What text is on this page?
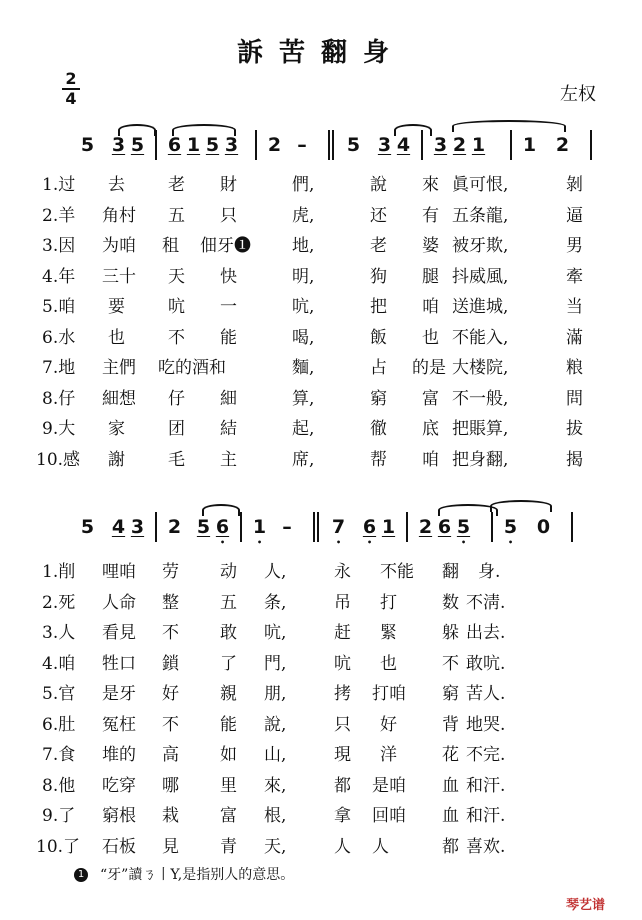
訴苦翻身
左权
2
4
5 3 5 6 1 5 3 2 –	5 3 4 3 2 1 1 2
1.过 去	老 財	們,	說 來 眞可恨,	剝
2.羊 角村 五 只	虎,	还 有 五条龍,	逼
3.因 为咱 租 佃牙❶ 地,	老 婆 被牙欺,	男
4.年 三十 天 快	明,	狗 腿 抖威風,	牽
5.咱 要	吭 一	吭,	把 咱 送進城,	当
6.水 也	不 能	喝,	飯 也 不能入,	滿
7.地 主們 吃的酒和	麵,	占 的是 大楼院,	粮
8.仔 細想 仔 細	算,	窮 富 不一般,	問
9.大 家	团 結	起,	徹 底 把賬算,	拔
10.感 謝	毛 主	席,	帮 咱 把身翻,	揭
5 4 3 2 5 6 • 1 • –	7 • 6 • 1 2 6 5 • 5 • 0
1.削 哩咱 劳 动 人,	永 不能 翻 身.
2.死 人命 整 五 条,	吊 打	数 不淸.
3.人 看見 不 敢 吭,	赶 緊	躲 出去.
4.咱 牲口 鎖 了 門,	吭 也	不 敢吭.
5.官 是牙 好 親 朋,	拷 打咱 窮 苦人.
6.肚 冤枉 不 能 說,	只 好	背 地哭.
7.食 堆的 高 如 山,	現 洋	花 不完.
8.他 吃穿 哪 里 來,	都 是咱 血 和汗.
9.了 窮根 栽 富 根,	拿 回咱 血 和汗.
10.了 石板 見 青 天,	人 人	都 喜欢.
1 “牙”讀ㄋ丨Y,是指别人的意思。
琴艺谱
